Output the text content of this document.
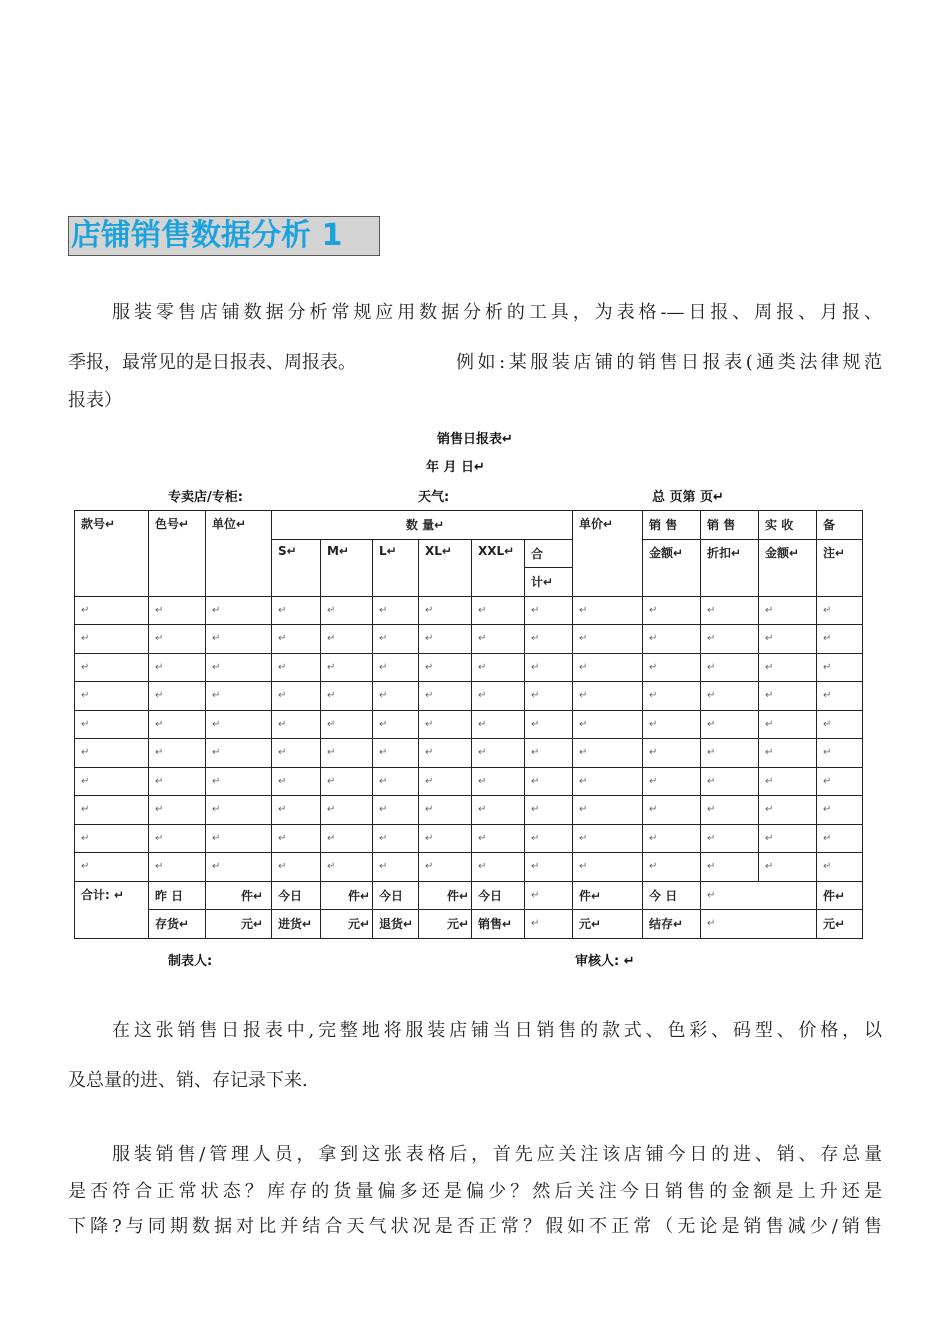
店铺销售数据分析 1
服装零售店铺数据分析常规应用数据分析的工具，为表格-—日报、周报、月报、
季报，最常见的是日报表、周报表。	例如:某服装店铺的销售日报表(通类法律规范
报表）
销售日报表↵
年 月 日↵
专卖店/专柜:	天气:	总 页第 页↵
款号↵	色号↵	单位↵	数 量↵						单价↵	销 售	销 售	实 收	备
			S↵	M↵	L↵	XL↵	XXL↵	合		金额↵	折扣↵	金额↵	注↵
								计↵					
↵	↵	↵	↵	↵	↵	↵	↵	↵	↵	↵	↵	↵	↵
↵	↵	↵	↵	↵	↵	↵	↵	↵	↵	↵	↵	↵	↵
↵	↵	↵	↵	↵	↵	↵	↵	↵	↵	↵	↵	↵	↵
↵	↵	↵	↵	↵	↵	↵	↵	↵	↵	↵	↵	↵	↵
↵	↵	↵	↵	↵	↵	↵	↵	↵	↵	↵	↵	↵	↵
↵	↵	↵	↵	↵	↵	↵	↵	↵	↵	↵	↵	↵	↵
↵	↵	↵	↵	↵	↵	↵	↵	↵	↵	↵	↵	↵	↵
↵	↵	↵	↵	↵	↵	↵	↵	↵	↵	↵	↵	↵	↵
↵	↵	↵	↵	↵	↵	↵	↵	↵	↵	↵	↵	↵	↵
↵	↵	↵	↵	↵	↵	↵	↵	↵	↵	↵	↵	↵	↵
合计: ↵	昨 日	件↵	今日	件↵	今日	件↵	今日	↵	件↵	今 日	↵		件↵
	存货↵	元↵	进货↵	元↵	退货↵	元↵	销售↵	↵	元↵	结存↵	↵		元↵
制表人:	审核人: ↵
在这张销售日报表中,完整地将服装店铺当日销售的款式、色彩、码型、价格，以
及总量的进、销、存记录下来.
服装销售/管理人员，拿到这张表格后，首先应关注该店铺今日的进、销、存总量
是否符合正常状态？库存的货量偏多还是偏少？然后关注今日销售的金额是上升还是
下降?与同期数据对比并结合天气状况是否正常？假如不正常（无论是销售减少/销售
